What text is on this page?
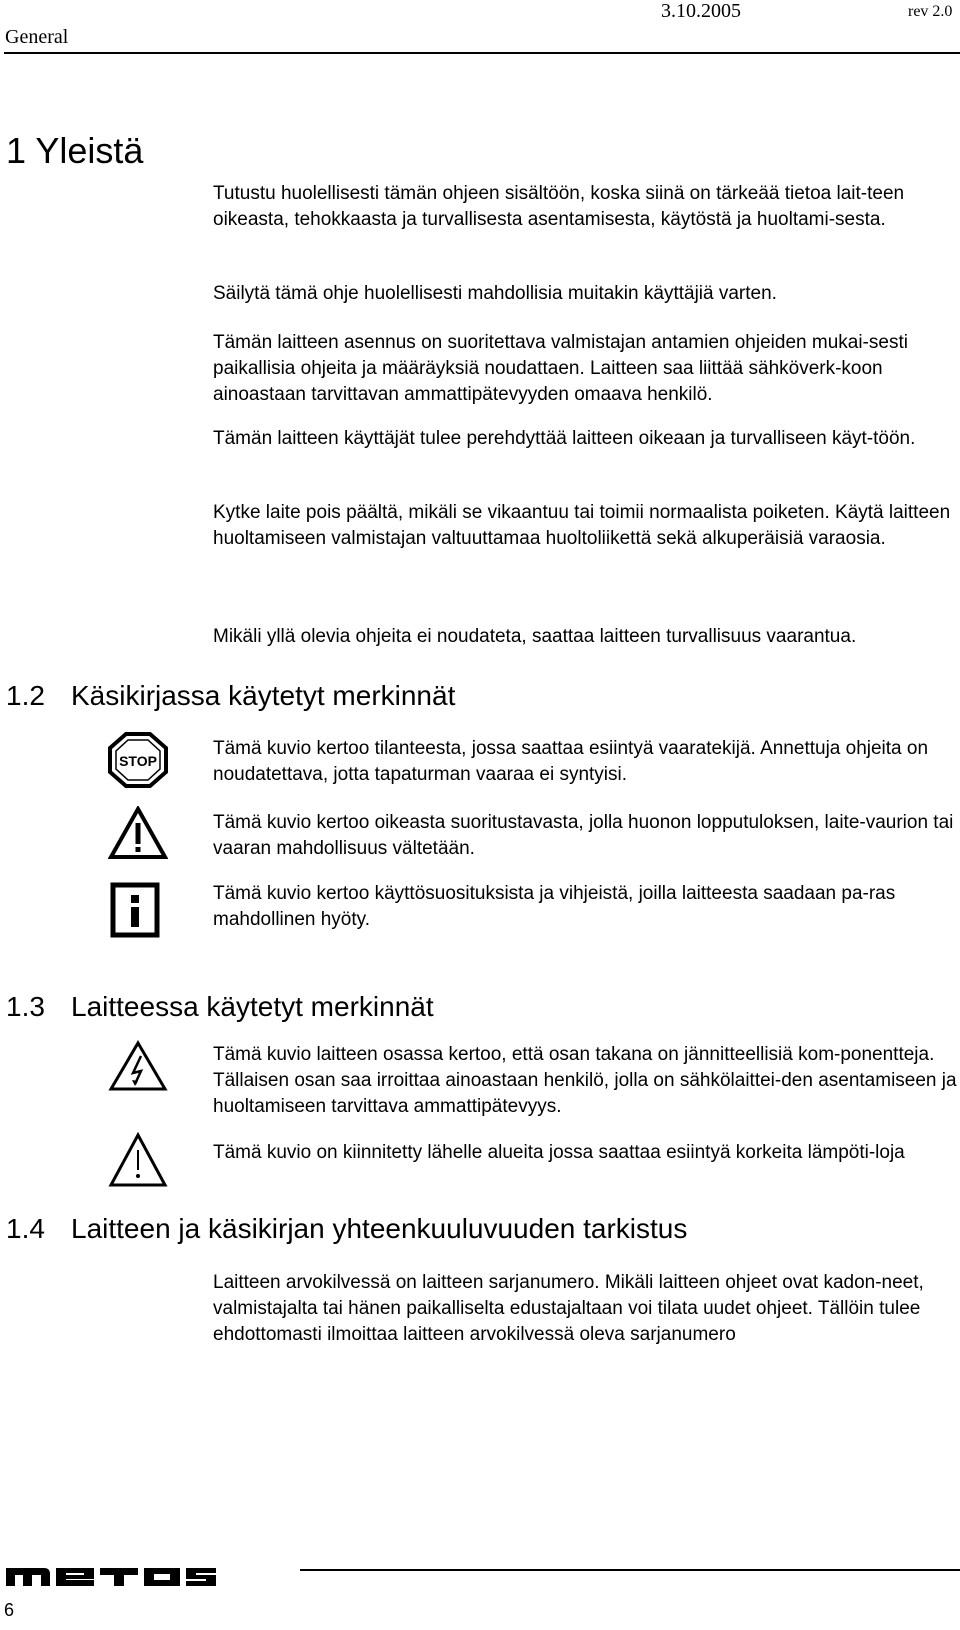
General
3.10.2005	rev 2.0
1 Yleistä

Tutustu huolellisesti tämän ohjeen sisältöön, koska siinä on tärkeää tietoa lait-teen oikeasta, tehokkaasta ja turvallisesta asentamisesta, käytöstä ja huoltami-sesta.

Säilytä tämä ohje huolellisesti mahdollisia muitakin käyttäjiä varten.

Tämän laitteen asennus on suoritettava valmistajan antamien ohjeiden mukai-sesti paikallisia ohjeita ja määräyksiä noudattaen. Laitteen saa liittää sähköverk-koon ainoastaan tarvittavan ammattipätevyyden omaava henkilö.

Tämän laitteen käyttäjät tulee perehdyttää laitteen oikeaan ja turvalliseen käyt-töön.

Kytke laite pois päältä, mikäli se vikaantuu tai toimii normaalista poiketen. Käytä laitteen huoltamiseen valmistajan valtuuttamaa huoltoliikettä sekä alkuperäisiä varaosia.

Mikäli yllä olevia ohjeita ei noudateta, saattaa laitteen turvallisuus vaarantua.

1.2 Käsikirjassa käytetyt merkinnät
STOP

Tämä kuvio kertoo tilanteesta, jossa saattaa esiintyä vaaratekijä. Annettuja ohjeita on noudatettava, jotta tapaturman vaaraa ei syntyisi.

Tämä kuvio kertoo oikeasta suoritustavasta, jolla huonon lopputuloksen, laite-vaurion tai vaaran mahdollisuus vältetään.

Tämä kuvio kertoo käyttösuosituksista ja vihjeistä, joilla laitteesta saadaan pa-ras mahdollinen hyöty.

1.3 Laitteessa käytetyt merkinnät

Tämä kuvio laitteen osassa kertoo, että osan takana on jännitteellisiä kom-ponentteja. Tällaisen osan saa irroittaa ainoastaan henkilö, jolla on sähkölaittei-den asentamiseen ja huoltamiseen tarvittava ammattipätevyys.

Tämä kuvio on kiinnitetty lähelle alueita jossa saattaa esiintyä korkeita lämpöti-loja

1.4 Laitteen ja käsikirjan yhteenkuuluvuuden tarkistus

Laitteen arvokilvessä on laitteen sarjanumero. Mikäli laitteen ohjeet ovat kadon-neet, valmistajalta tai hänen paikalliselta edustajaltaan voi tilata uudet ohjeet. Tällöin tulee ehdottomasti ilmoittaa laitteen arvokilvessä oleva sarjanumero

6
